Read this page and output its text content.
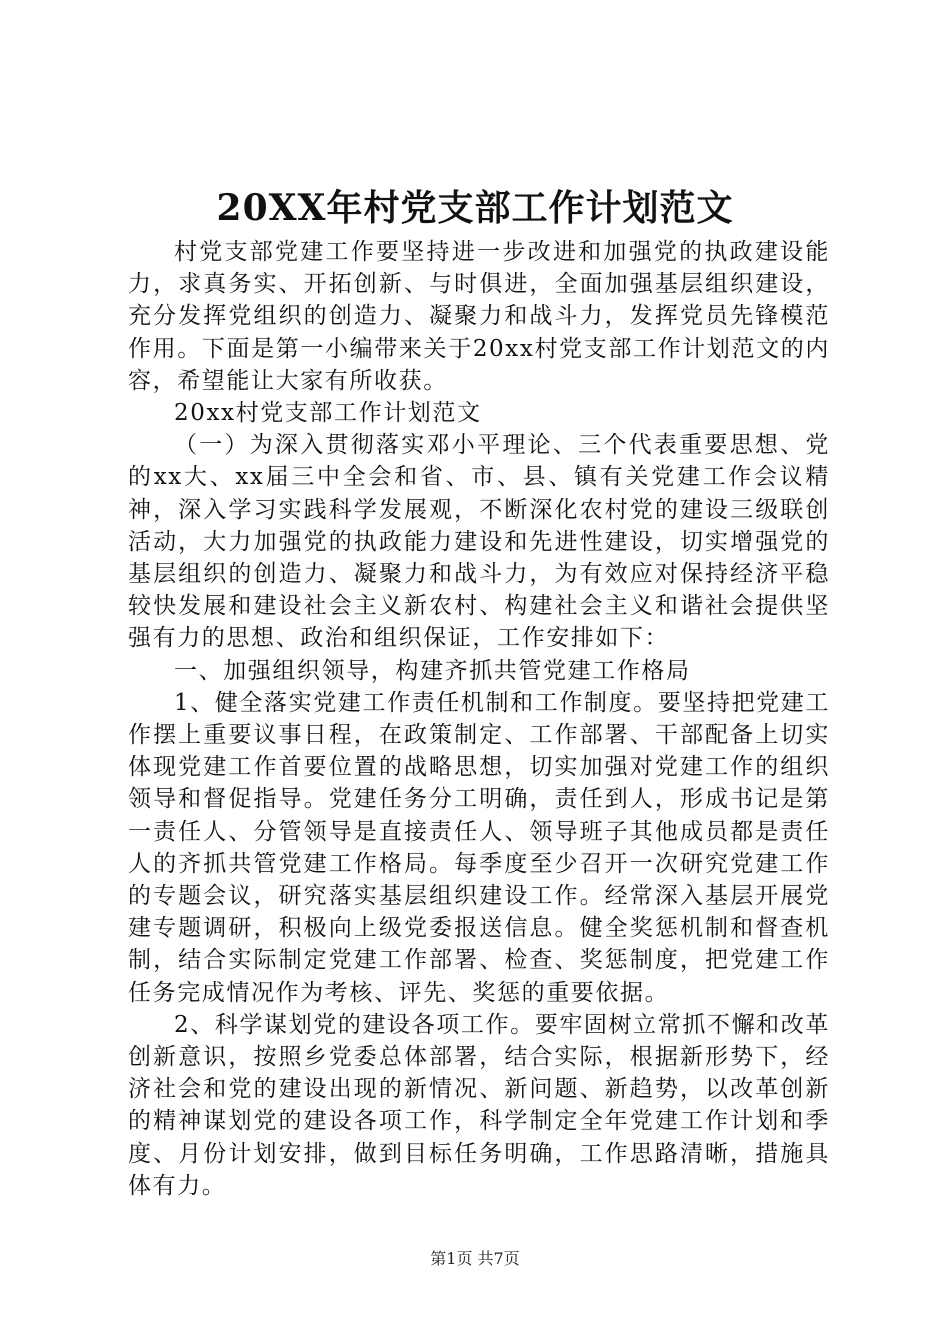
20XX年村党支部工作计划范文

村党支部党建工作要坚持进一步改进和加强党的执政建设能力，求真务实、开拓创新、与时俱进，全面加强基层组织建设，充分发挥党组织的创造力、凝聚力和战斗力，发挥党员先锋模范作用。下面是第一小编带来关于20xx村党支部工作计划范文的内容，希望能让大家有所收获。

20xx村党支部工作计划范文

（一）为深入贯彻落实邓小平理论、三个代表重要思想、党的xx大、xx届三中全会和省、市、县、镇有关党建工作会议精神，深入学习实践科学发展观，不断深化农村党的建设三级联创活动，大力加强党的执政能力建设和先进性建设，切实增强党的基层组织的创造力、凝聚力和战斗力，为有效应对保持经济平稳较快发展和建设社会主义新农村、构建社会主义和谐社会提供坚强有力的思想、政治和组织保证，工作安排如下：

一、加强组织领导，构建齐抓共管党建工作格局

1、健全落实党建工作责任机制和工作制度。要坚持把党建工作摆上重要议事日程，在政策制定、工作部署、干部配备上切实体现党建工作首要位置的战略思想，切实加强对党建工作的组织领导和督促指导。党建任务分工明确，责任到人，形成书记是第一责任人、分管领导是直接责任人、领导班子其他成员都是责任人的齐抓共管党建工作格局。每季度至少召开一次研究党建工作的专题会议，研究落实基层组织建设工作。经常深入基层开展党建专题调研，积极向上级党委报送信息。健全奖惩机制和督查机制，结合实际制定党建工作部署、检查、奖惩制度，把党建工作任务完成情况作为考核、评先、奖惩的重要依据。

2、科学谋划党的建设各项工作。要牢固树立常抓不懈和改革创新意识，按照乡党委总体部署，结合实际，根据新形势下，经济社会和党的建设出现的新情况、新问题、新趋势，以改革创新的精神谋划党的建设各项工作，科学制定全年党建工作计划和季度、月份计划安排，做到目标任务明确，工作思路清晰，措施具体有力。

第1页 共7页
